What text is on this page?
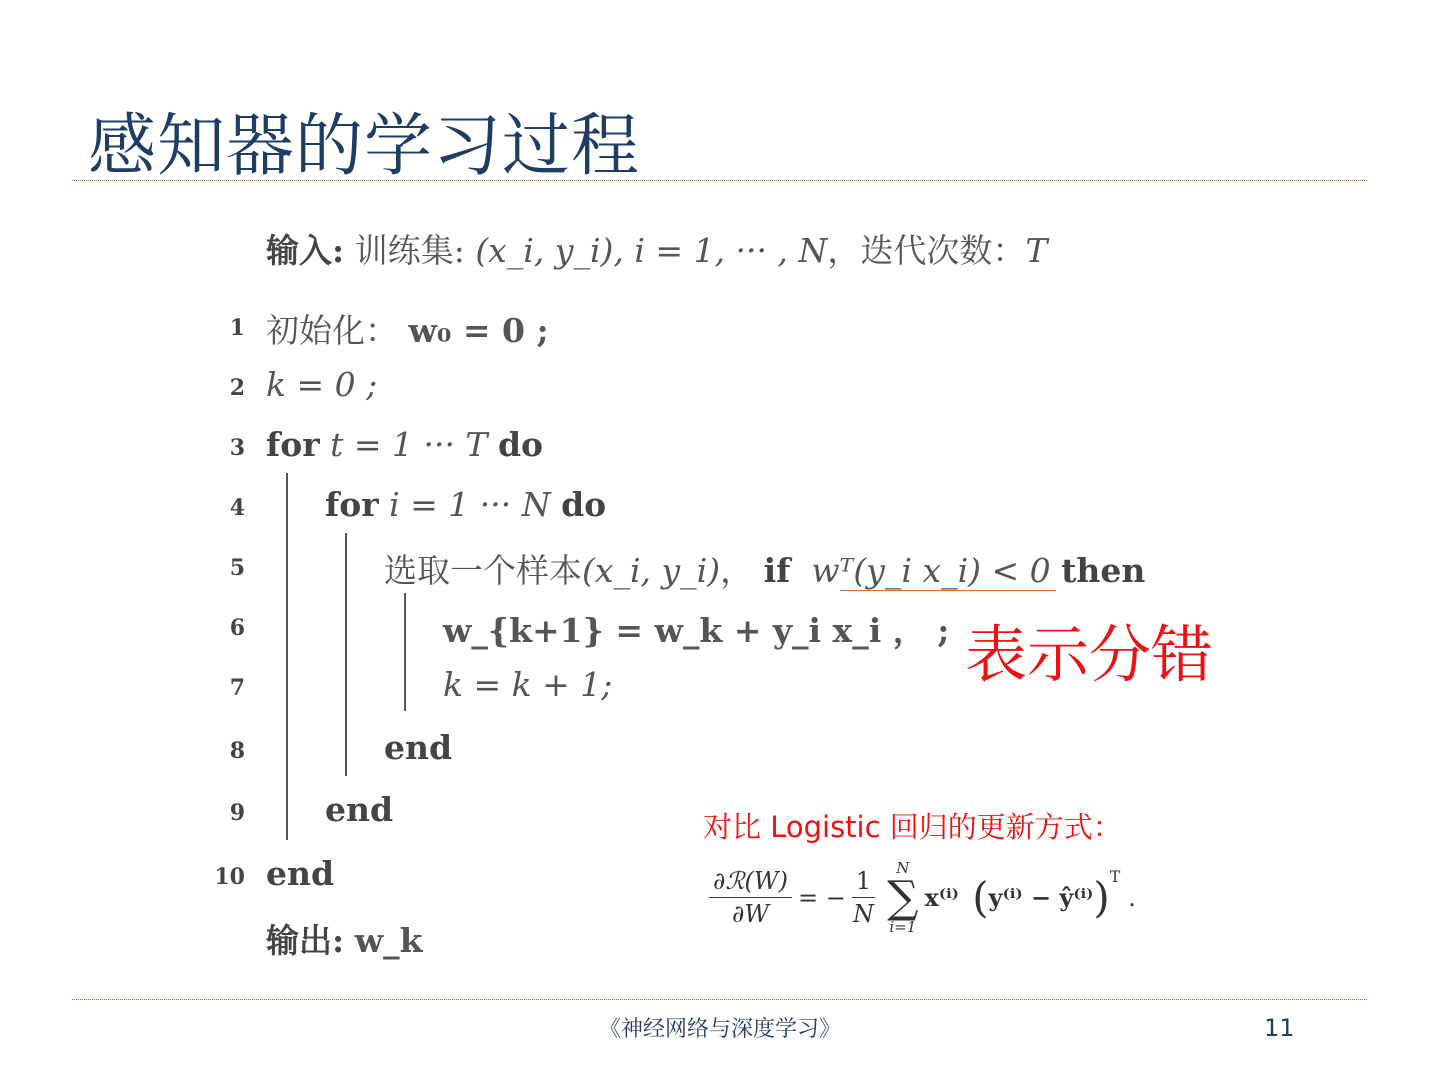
感知器的学习过程
输入: 训练集: (x_i, y_i), i = 1, ··· , N，迭代次数：T
1 初始化： w₀ = 0 ;
2 k = 0 ;
3 for t = 1 ··· T do
4 for i = 1 ··· N do
5	选取一个样本(x_i, y_i)， if wᵀ(y_i x_i) < 0 then
6	w_{k+1} = w_k + y_i x_i ， ;
7	k = k + 1;
8	end
9 end
10 end
输出: w_k
表示分错
对比 Logistic 回归的更新方式：
$\frac{\text{∂ℛ(W)}}{\partial W}$ = − $\frac{1}{N}$ N
∑
i=1
x⁽ⁱ⁾ ( y⁽ⁱ⁾ − ŷ⁽ⁱ⁾ )$^T$
.
《神经网络与深度学习》	11
